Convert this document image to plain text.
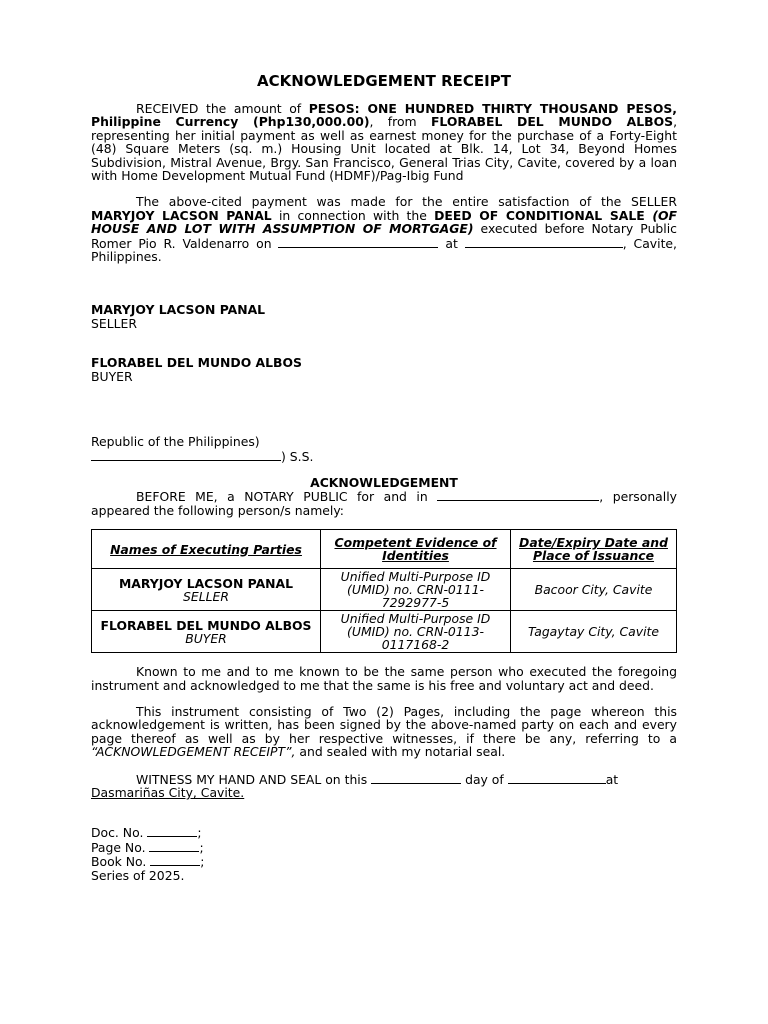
ACKNOWLEDGEMENT RECEIPT

RECEIVED the amount of PESOS: ONE HUNDRED THIRTY THOUSAND PESOS, Philippine Currency (Php130,000.00), from FLORABEL DEL MUNDO ALBOS, representing her initial payment as well as earnest money for the purchase of a Forty-Eight (48) Square Meters (sq. m.) Housing Unit located at Blk. 14, Lot 34, Beyond Homes Subdivision, Mistral Avenue, Brgy. San Francisco, General Trias City, Cavite, covered by a loan with Home Development Mutual Fund (HDMF)/Pag-Ibig Fund

The above-cited payment was made for the entire satisfaction of the SELLER MARYJOY LACSON PANAL in connection with the DEED OF CONDITIONAL SALE (OF HOUSE AND LOT WITH ASSUMPTION OF MORTGAGE) executed before Notary Public Romer Pio R. Valdenarro on	at	, Cavite, Philippines.

MARYJOY LACSON PANAL

SELLER

FLORABEL DEL MUNDO ALBOS

BUYER

Republic of the Philippines)

) S.S.

ACKNOWLEDGEMENT

BEFORE ME, a NOTARY PUBLIC for and in	, personally appeared the following person/s namely:

Names of Executing Parties	Competent Evidence of Identities	Date/Expiry Date and Place of Issuance
MARYJOY LACSON PANAL
SELLER	Unified Multi-Purpose ID (UMID) no. CRN-0111-7292977-5	Bacoor City, Cavite
FLORABEL DEL MUNDO ALBOS
BUYER	Unified Multi-Purpose ID (UMID) no. CRN-0113-0117168-2	Tagaytay City, Cavite

Known to me and to me known to be the same person who executed the foregoing instrument and acknowledged to me that the same is his free and voluntary act and deed.

This instrument consisting of Two (2) Pages, including the page whereon this acknowledgement is written, has been signed by the above-named party on each and every page thereof as well as by her respective witnesses, if there be any, referring to a “ACKNOWLEDGEMENT RECEIPT”, and sealed with my notarial seal.

WITNESS MY HAND AND SEAL on this	day of	at

Dasmariñas City, Cavite.

Doc. No.	;

Page No.	;

Book No.	;

Series of 2025.
